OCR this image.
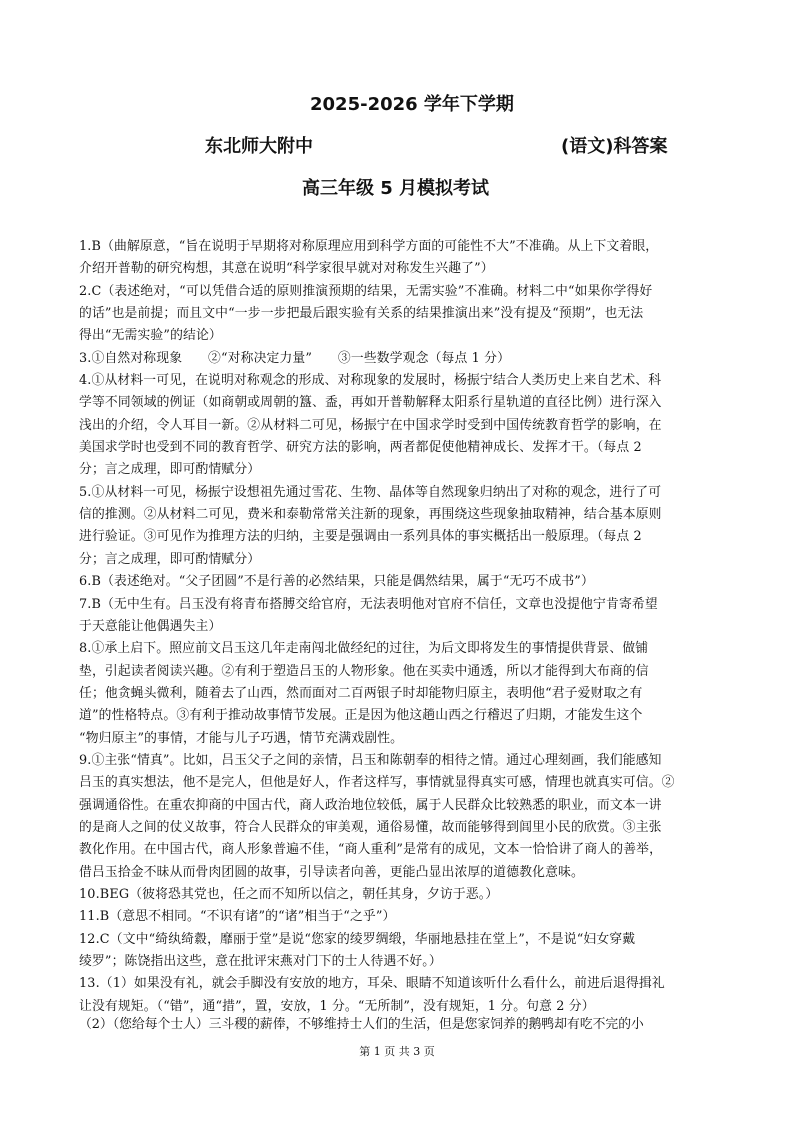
2025-2026 学年下学期
东北师大附中	(语文)科答案
高三年级 5 月模拟考试

1.B（曲解原意，“旨在说明于早期将对称原理应用到科学方面的可能性不大”不准确。从上下文着眼，

介绍开普勒的研究构想，其意在说明“科学家很早就对对称发生兴趣了”）

2.C（表述绝对，“可以凭借合适的原则推演预期的结果，无需实验”不准确。材料二中“如果你学得好

的话”也是前提；而且文中“一步一步把最后跟实验有关系的结果推演出来”没有提及“预期”，也无法

得出“无需实验”的结论）

3.①自然对称现象　　②“对称决定力量”　　③一些数学观念（每点 1 分）

4.①从材料一可见，在说明对称观念的形成、对称现象的发展时，杨振宁结合人类历史上来自艺术、科

学等不同领域的例证（如商朝或周朝的簋、盉，再如开普勒解释太阳系行星轨道的直径比例）进行深入

浅出的介绍，令人耳目一新。②从材料二可见，杨振宁在中国求学时受到中国传统教育哲学的影响，在

美国求学时也受到不同的教育哲学、研究方法的影响，两者都促使他精神成长、发挥才干。（每点 2

分；言之成理，即可酌情赋分）

5.①从材料一可见，杨振宁设想祖先通过雪花、生物、晶体等自然现象归纳出了对称的观念，进行了可

信的推测。②从材料二可见，费米和泰勒常常关注新的现象，再围绕这些现象抽取精神，结合基本原则

进行验证。③可见作为推理方法的归纳，主要是强调由一系列具体的事实概括出一般原理。（每点 2

分；言之成理，即可酌情赋分）

6.B（表述绝对。“父子团圆”不是行善的必然结果，只能是偶然结果，属于“无巧不成书”）

7.B（无中生有。吕玉没有将青布搭膊交给官府，无法表明他对官府不信任，文章也没提他宁肯寄希望

于天意能让他偶遇失主）

8.①承上启下。照应前文吕玉这几年走南闯北做经纪的过往，为后文即将发生的事情提供背景、做铺

垫，引起读者阅读兴趣。②有利于塑造吕玉的人物形象。他在买卖中通透，所以才能得到大布商的信

任；他贪蝇头微利，随着去了山西，然而面对二百两银子时却能物归原主，表明他“君子爱财取之有

道”的性格特点。③有利于推动故事情节发展。正是因为他这趟山西之行稽迟了归期，才能发生这个

“物归原主”的事情，才能与儿子巧遇，情节充满戏剧性。

9.①主张“情真”。比如，吕玉父子之间的亲情，吕玉和陈朝奉的相待之情。通过心理刻画，我们能感知

吕玉的真实想法，他不是完人，但他是好人，作者这样写，事情就显得真实可感，情理也就真实可信。②

强调通俗性。在重农抑商的中国古代，商人政治地位较低，属于人民群众比较熟悉的职业，而文本一讲

的是商人之间的仗义故事，符合人民群众的审美观，通俗易懂，故而能够得到闾里小民的欣赏。③主张

教化作用。在中国古代，商人形象普遍不佳，“商人重利”是常有的成见，文本一恰恰讲了商人的善举，

借吕玉拾金不昧从而骨肉团圆的故事，引导读者向善，更能凸显出浓厚的道德教化意味。

10.BEG（彼将恐其党也，任之而不知所以信之，朝任其身，夕访于恶。）

11.B（意思不相同。“不识有诸”的“诸”相当于“之乎”）

12.C（文中“绮纨绮縠，靡丽于堂”是说“您家的绫罗绸缎，华丽地悬挂在堂上”，不是说“妇女穿戴

绫罗”；陈饶指出这些，意在批评宋燕对门下的士人待遇不好。）

13.（1）如果没有礼，就会手脚没有安放的地方，耳朵、眼睛不知道该听什么看什么，前进后退得揖礼

让没有规矩。（“错”，通“措”，置，安放，1 分。“无所制”，没有规矩，1 分。句意 2 分）

（2）（您给每个士人）三斗稷的薪俸，不够维持士人们的生活，但是您家饲养的鹅鸭却有吃不完的小
第 1 页 共 3 页
